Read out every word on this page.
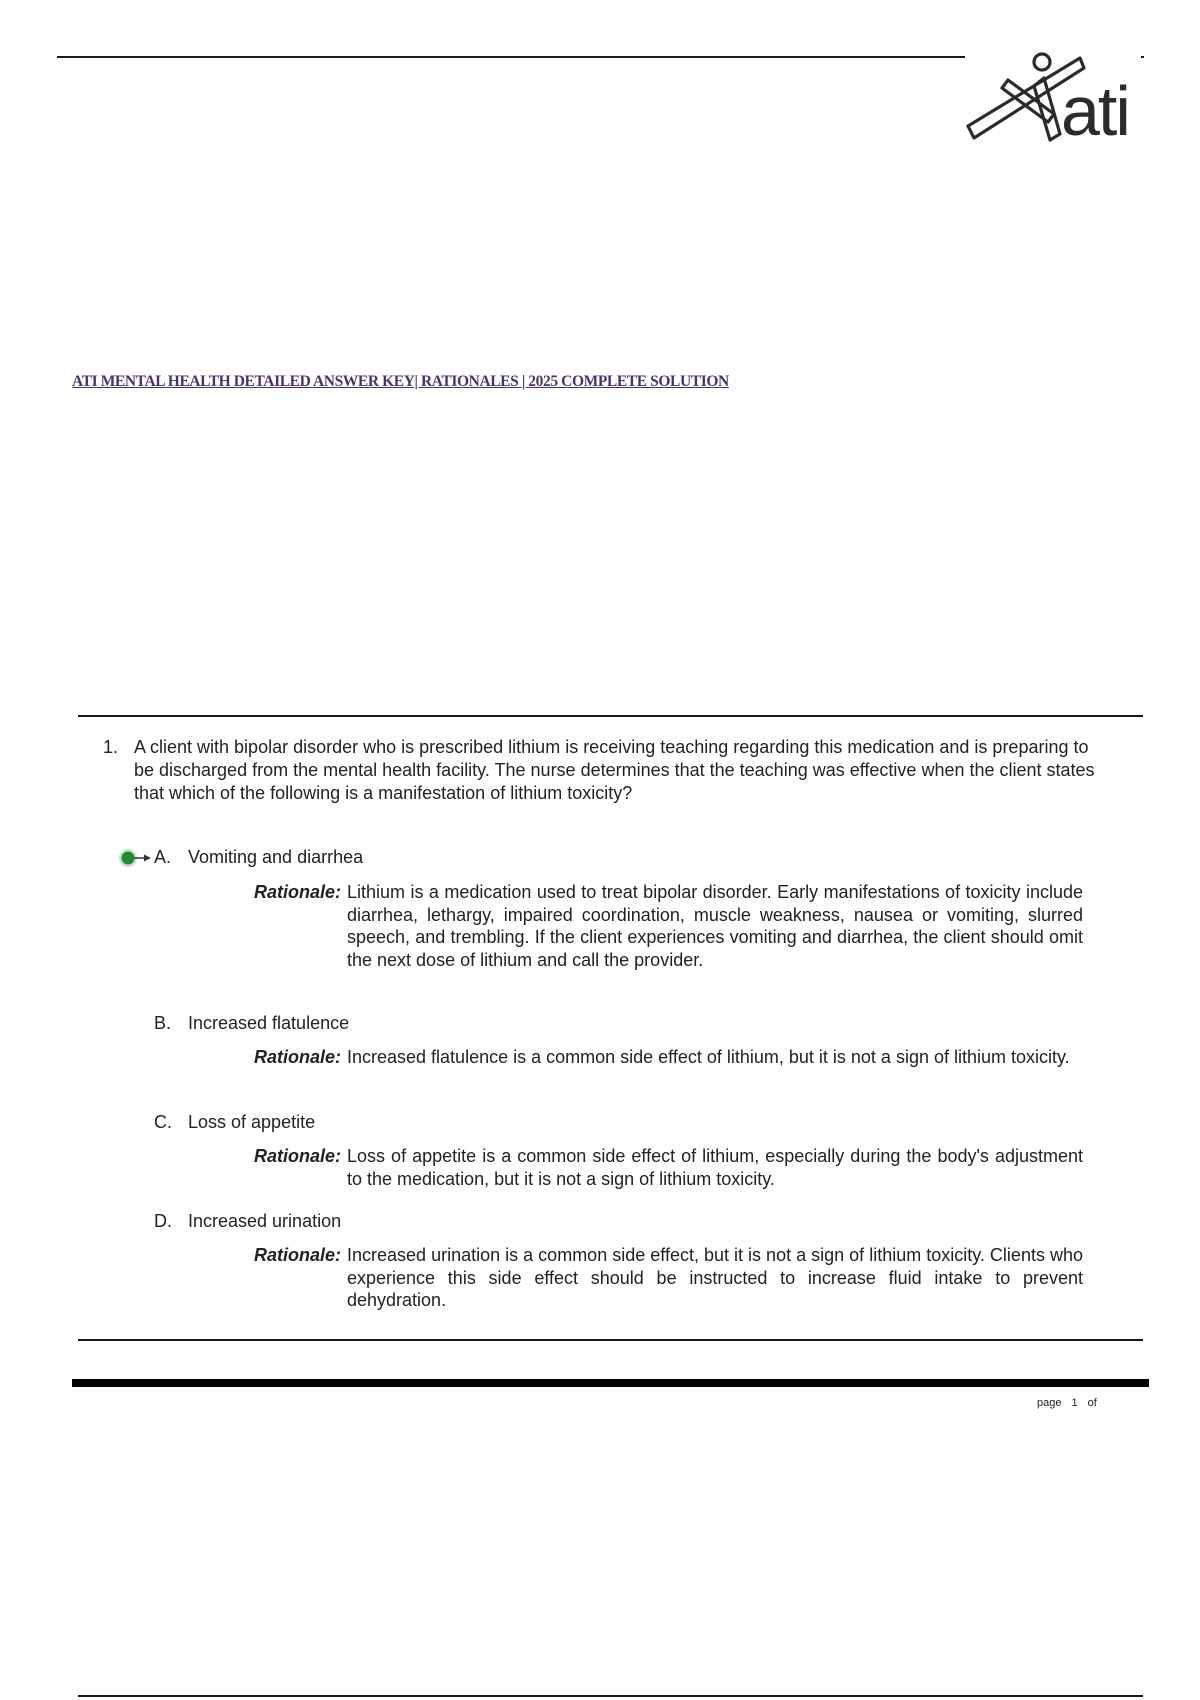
ati
ATI MENTAL HEALTH DETAILED ANSWER KEY| RATIONALES | 2025 COMPLETE SOLUTION
1. A client with bipolar disorder who is prescribed lithium is receiving teaching regarding this medication and is preparing to be discharged from the mental health facility. The nurse determines that the teaching was effective when the client states that which of the following is a manifestation of lithium toxicity?
A. Vomiting and diarrhea
Rationale: Lithium is a medication used to treat bipolar disorder. Early manifestations of toxicity include diarrhea, lethargy, impaired coordination, muscle weakness, nausea or vomiting, slurred speech, and trembling. If the client experiences vomiting and diarrhea, the client should omit the next dose of lithium and call the provider.
B. Increased flatulence
Rationale: Increased flatulence is a common side effect of lithium, but it is not a sign of lithium toxicity.
C. Loss of appetite
Rationale: Loss of appetite is a common side effect of lithium, especially during the body's adjustment to the medication, but it is not a sign of lithium toxicity.
D. Increased urination
Rationale: Increased urination is a common side effect, but it is not a sign of lithium toxicity. Clients who experience this side effect should be instructed to increase fluid intake to prevent dehydration.
page 1 of
